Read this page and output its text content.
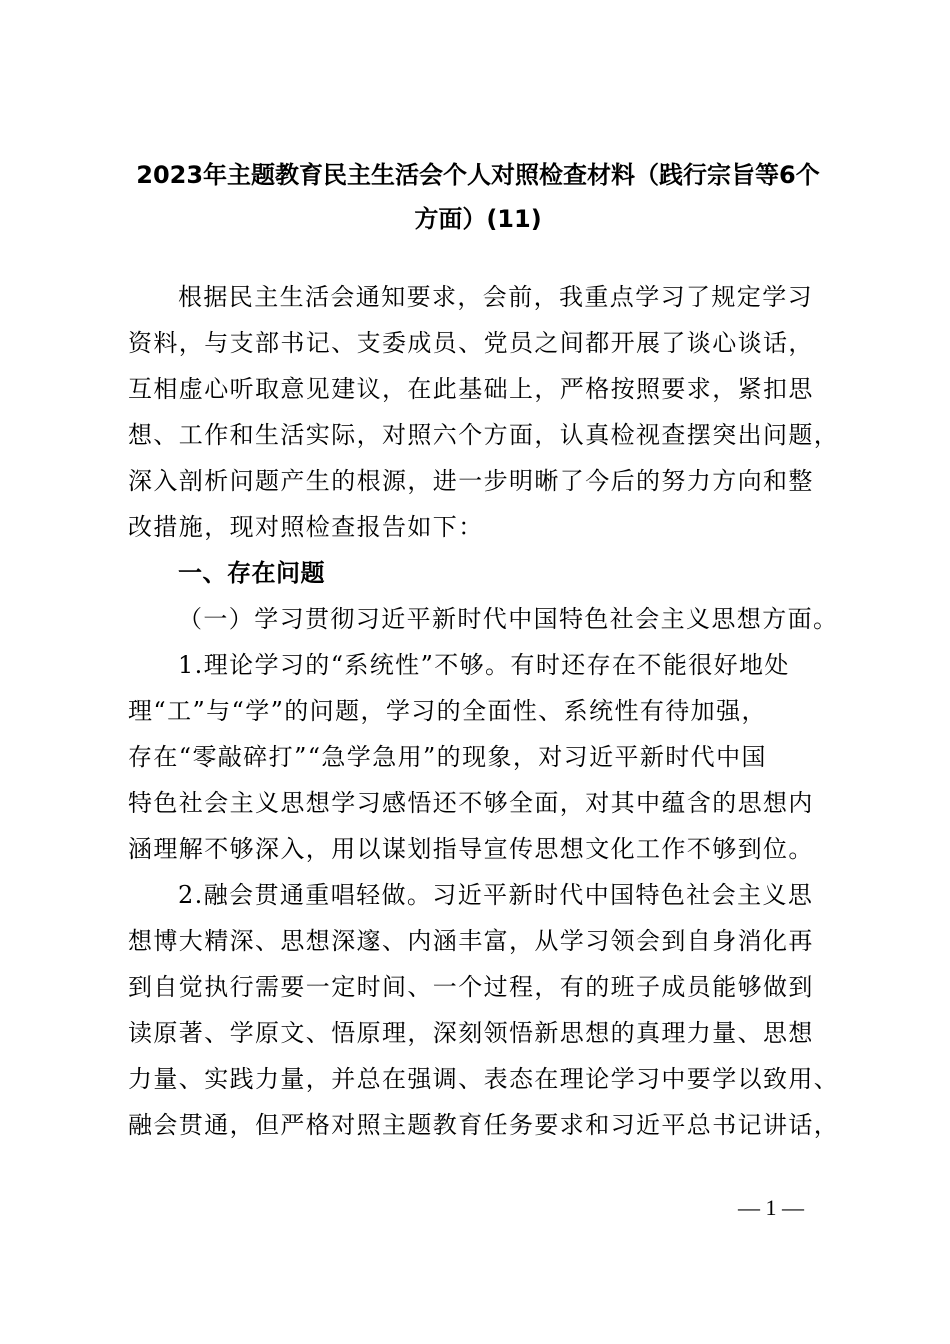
2023年主题教育民主生活会个人对照检查材料（践行宗旨等6个
方面）(11)
根据民主生活会通知要求，会前，我重点学习了规定学习
资料，与支部书记、支委成员、党员之间都开展了谈心谈话，
互相虚心听取意见建议，在此基础上，严格按照要求，紧扣思
想、工作和生活实际，对照六个方面，认真检视查摆突出问题，
深入剖析问题产生的根源，进一步明晰了今后的努力方向和整
改措施，现对照检查报告如下：
一、存在问题
（一）学习贯彻习近平新时代中国特色社会主义思想方面。
1.理论学习的“系统性”不够。有时还存在不能很好地处
理“工”与“学”的问题，学习的全面性、系统性有待加强，
存在“零敲碎打”“急学急用”的现象，对习近平新时代中国
特色社会主义思想学习感悟还不够全面，对其中蕴含的思想内
涵理解不够深入，用以谋划指导宣传思想文化工作不够到位。
2.融会贯通重唱轻做。习近平新时代中国特色社会主义思
想博大精深、思想深邃、内涵丰富，从学习领会到自身消化再
到自觉执行需要一定时间、一个过程，有的班子成员能够做到
读原著、学原文、悟原理，深刻领悟新思想的真理力量、思想
力量、实践力量，并总在强调、表态在理论学习中要学以致用、
融会贯通，但严格对照主题教育任务要求和习近平总书记讲话，
— 1 —
